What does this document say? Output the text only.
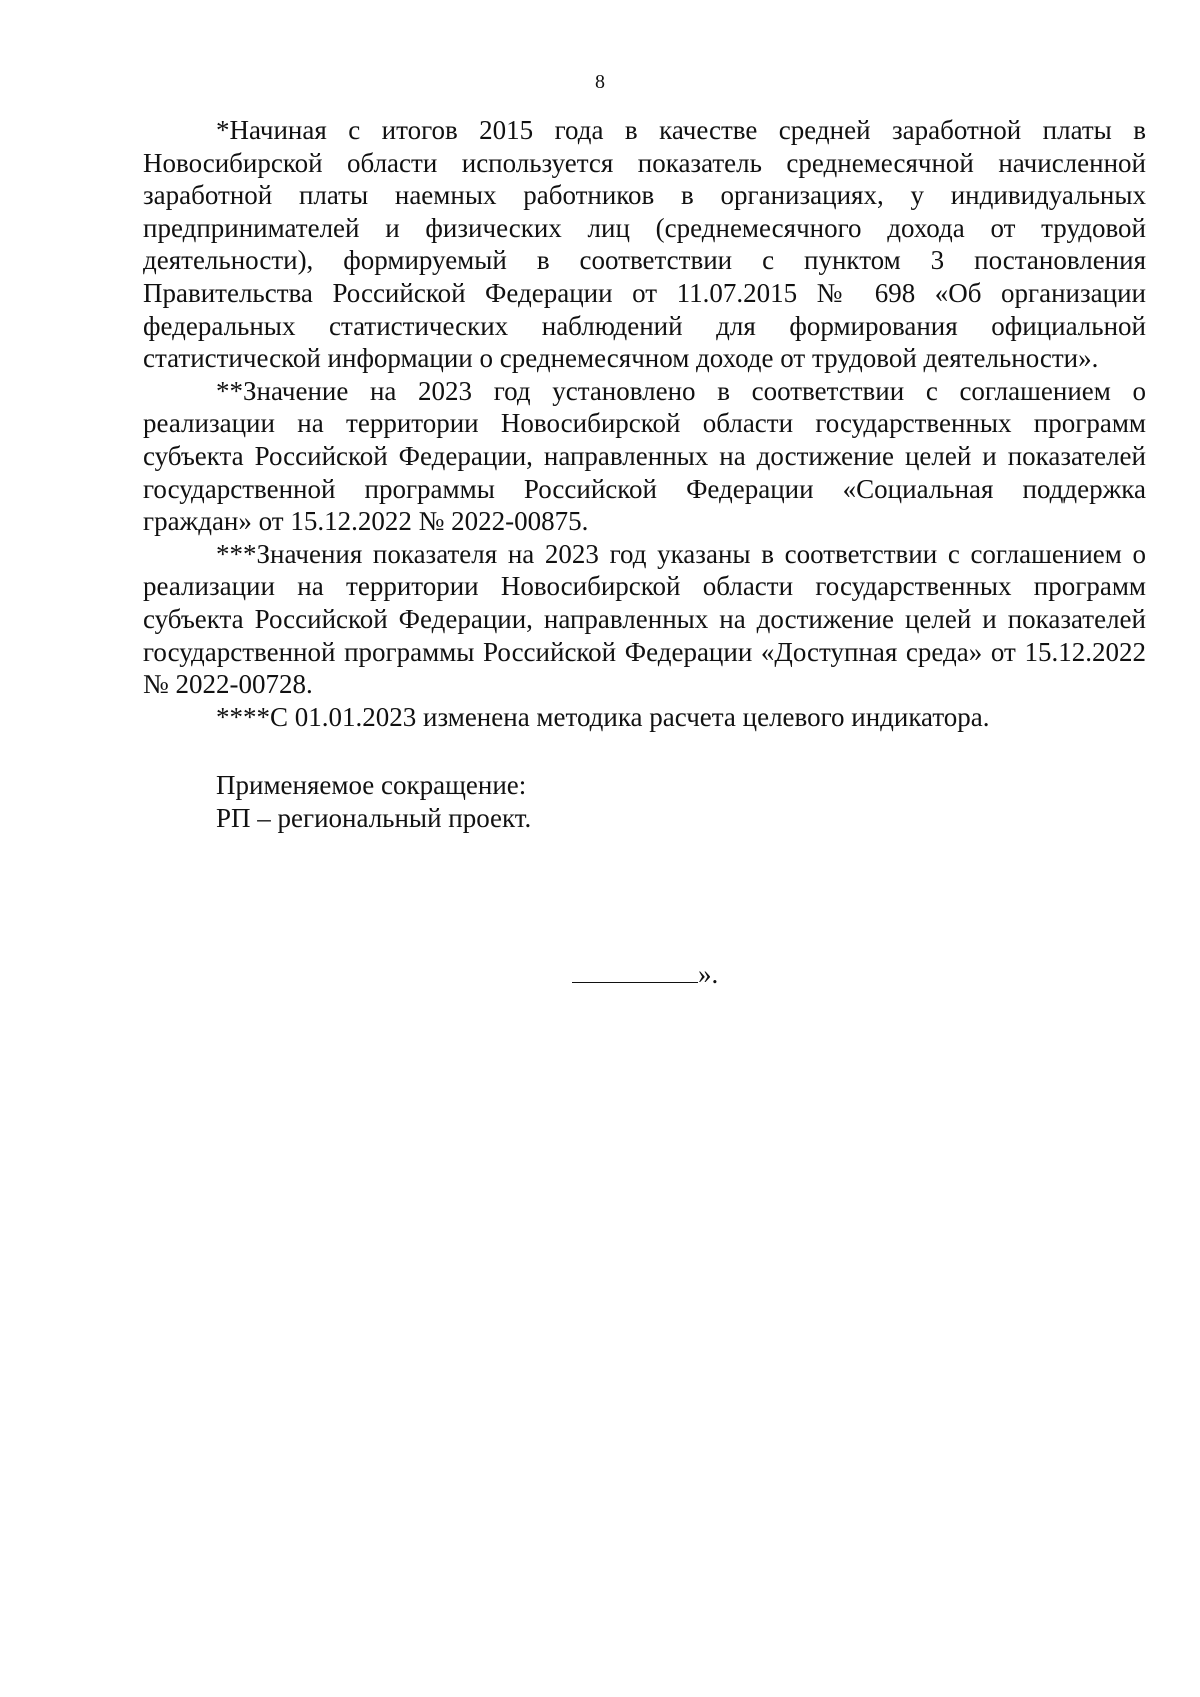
8

*Начиная с итогов 2015 года в качестве средней заработной платы в Новосибирской области используется показатель среднемесячной начисленной заработной платы наемных работников в организациях, у индивидуальных предпринимателей и физических лиц (среднемесячного дохода от трудовой деятельности), формируемый в соответствии с пунктом 3 постановления Правительства Российской Федерации от 11.07.2015 № 698 «Об организации федеральных статистических наблюдений для формирования официальной статистической информации о среднемесячном доходе от трудовой деятельности».

**Значение на 2023 год установлено в соответствии с соглашением о реализации на территории Новосибирской области государственных программ субъекта Российской Федерации, направленных на достижение целей и показателей государственной программы Российской Федерации «Социальная поддержка граждан» от 15.12.2022 № 2022-00875.

***Значения показателя на 2023 год указаны в соответствии с соглашением о реализации на территории Новосибирской области государственных программ субъекта Российской Федерации, направленных на достижение целей и показателей государственной программы Российской Федерации «Доступная среда» от 15.12.2022 № 2022-00728.

****С 01.01.2023 изменена методика расчета целевого индикатора.

Применяемое сокращение:

РП – региональный проект.

».
